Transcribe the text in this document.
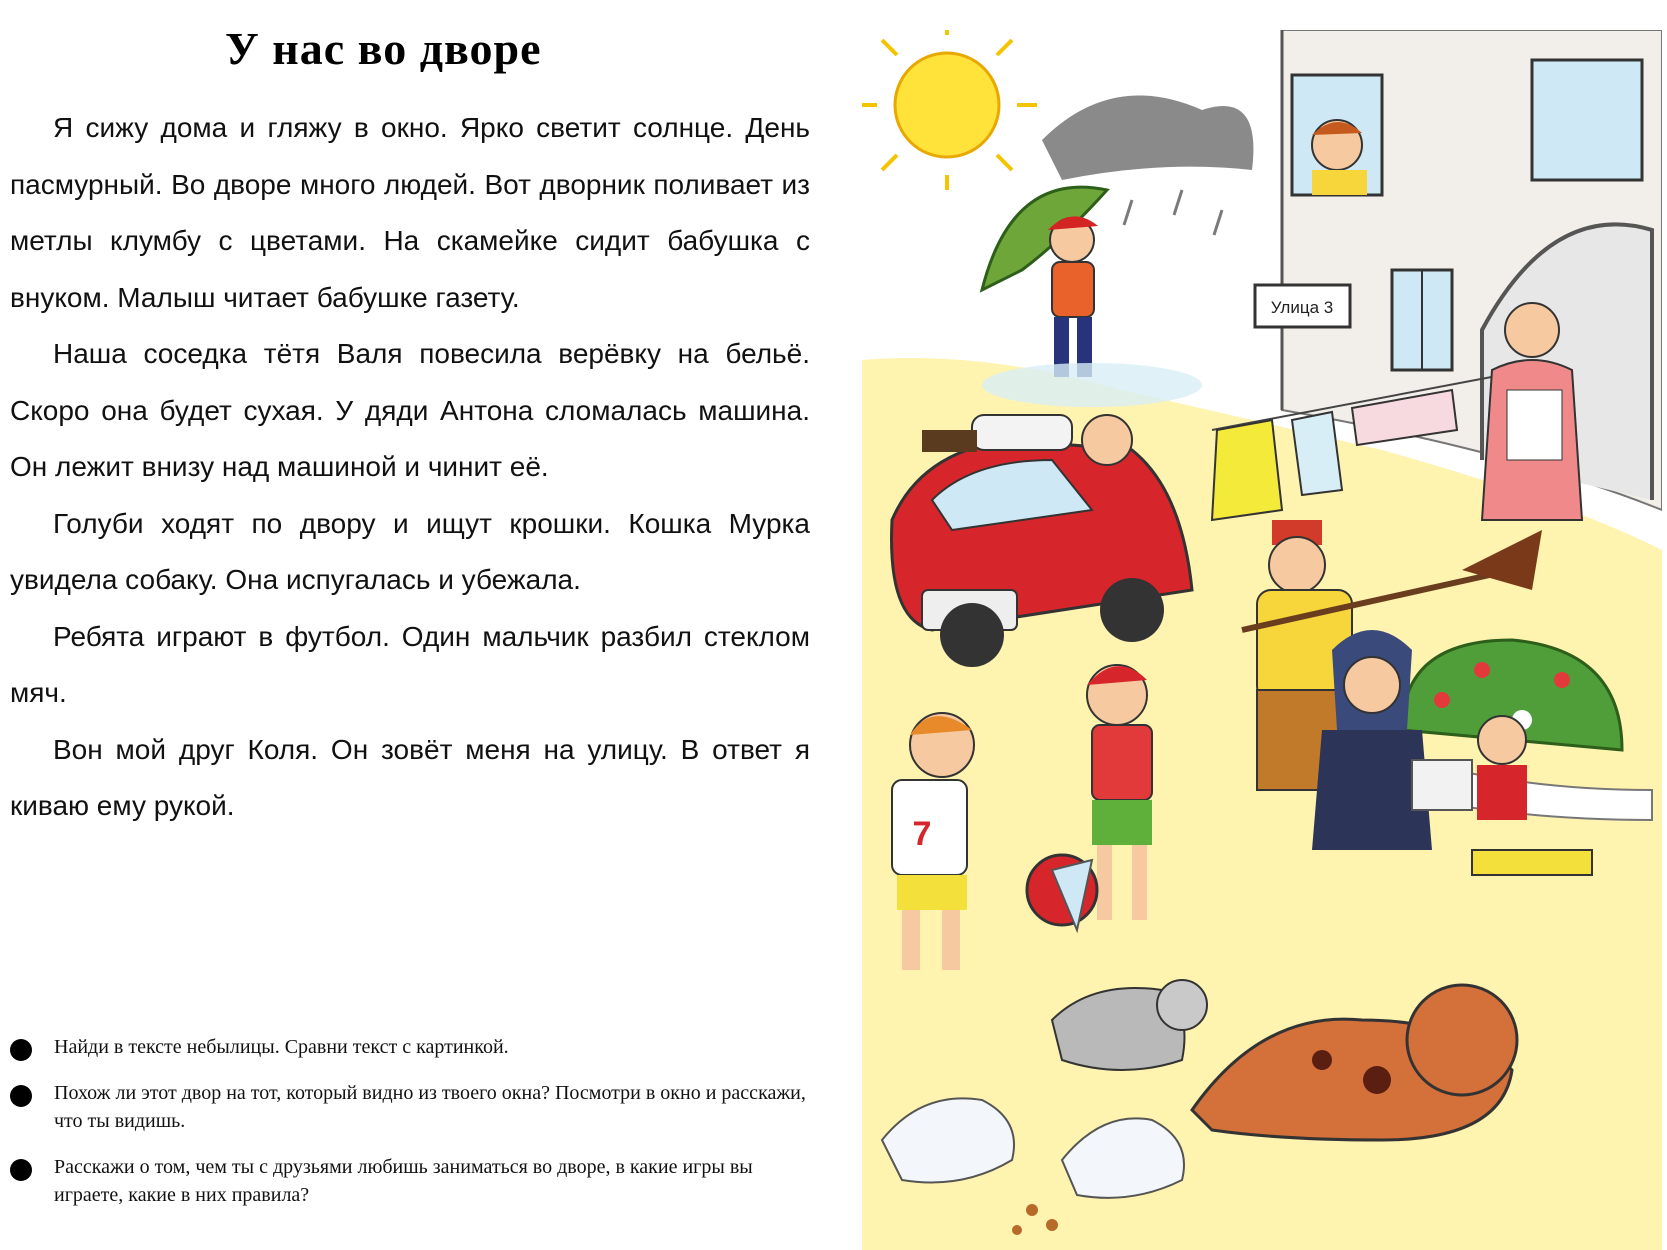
У нас во дворе

Я сижу дома и гляжу в окно. Ярко светит солнце. День пасмурный. Во дворе много людей. Вот дворник поливает из метлы клумбу с цветами. На скамейке сидит бабушка с внуком. Малыш читает бабушке газету.

Наша соседка тётя Валя повесила верёвку на бельё. Скоро она будет сухая. У дяди Антона сломалась машина. Он лежит внизу над машиной и чинит её.

Голуби ходят по двору и ищут крошки. Кошка Мурка увидела собаку. Она испугалась и убежала.

Ребята играют в футбол. Один мальчик разбил стеклом мяч.

Вон мой друг Коля. Он зовёт меня на улицу. В ответ я киваю ему рукой.

Найди в тексте небылицы. Сравни текст с картинкой.
Похож ли этот двор на тот, который видно из твоего окна? Посмотри в окно и расскажи, что ты видишь.
Расскажи о том, чем ты с друзьями любишь заниматься во дворе, в какие игры вы играете, какие в них правила?
Улица 3
7
